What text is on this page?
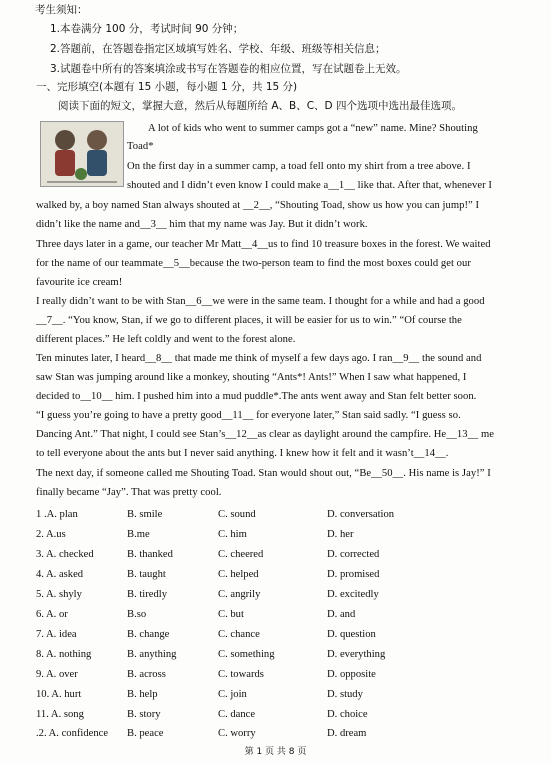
考生须知：
1.本卷满分 100 分，考试时间 90 分钟；
2.答题前，在答题卷指定区域填写姓名、学校、年级、班级等相关信息；
3.试题卷中所有的答案填涂或书写在答题卷的相应位置，写在试题卷上无效。
一、完形填空(本题有 15 小题，每小题 1 分，共 15 分)
阅读下面的短文，掌握大意，然后从每题所给 A、B、C、D 四个选项中选出最佳选项。
A lot of kids who went to summer camps got a “new” name. Mine? Shouting
Toad*
On the first day in a summer camp, a toad fell onto my shirt from a tree above. I
shouted and I didn’t even know I could make a__1__ like that. After that, whenever I
walked by, a boy named Stan always shouted at __2__, “Shouting Toad, show us how you can jump!” I
didn’t like the name and__3__ him that my name was Jay. But it didn’t work.
Three days later in a game, our teacher Mr Matt__4__us to find 10 treasure boxes in the forest. We waited
for the name of our teammate__5__because the two-person team to find the most boxes could get our
favourite ice cream!
I really didn’t want to be with Stan__6__we were in the same team. I thought for a while and had a good
__7__. “You know, Stan, if we go to different places, it will be easier for us to win.” “Of course the
different places.” He left coldly and went to the forest alone.
Ten minutes later, I heard__8__ that made me think of myself a few days ago. I ran__9__ the sound and
saw Stan was jumping around like a monkey, shouting “Ants*! Ants!” When I saw what happened, I
decided to__10__ him. I pushed him into a mud puddle*.The ants went away and Stan felt better soon.
“I guess you’re going to have a pretty good__11__ for everyone later,” Stan said sadly. “I guess so.
Dancing Ant.” That night, I could see Stan’s__12__as clear as daylight around the campfire. He__13__ me
to tell everyone about the ants but I never said anything. I knew how it felt and it wasn’t__14__.
The next day, if someone called me Shouting Toad. Stan would shout out, “Be__50__. His name is Jay!” I
finally became “Jay”. That was pretty cool.
1 .A. plan	B. smile	C. sound	D. conversation
2. A.us	B.me	C. him	D. her
3. A. checked	B. thanked	C. cheered	D. corrected
4. A. asked	B. taught	C. helped	D. promised
5. A. shyly	B. tiredly	C. angrily	D. excitedly
6. A. or	B.so	C. but	D. and
7. A. idea	B. change	C. chance	D. question
8. A. nothing	B. anything	C. something	D. everything
9. A. over	B. across	C. towards	D. opposite
10. A. hurt	B. help	C. join	D. study
11. A. song	B. story	C. dance	D. choice
.2. A. confidence B. peace	C. worry	D. dream
第 1 页 共 8 页
